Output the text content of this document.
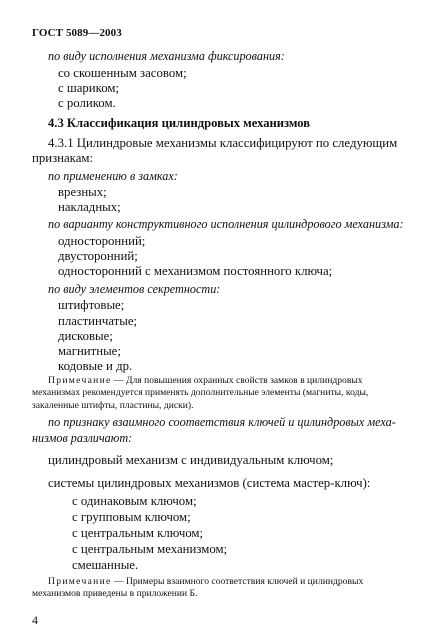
ГОСТ 5089—2003
по виду исполнения механизма фиксирования:
со скошенным засовом;
с шариком;
с роликом.
4.3 Классификация цилиндровых механизмов
4.3.1 Цилиндровые механизмы классифицируют по следующим
признакам:
по применению в замках:
врезных;
накладных;
по варианту конструктивного исполнения цилиндрового механизма:
односторонний;
двусторонний;
односторонний с механизмом постоянного ключа;
по виду элементов секретности:
штифтовые;
пластинчатые;
дисковые;
магнитные;
кодовые и др.
Примечание — Для повышения охранных свойств замков в цилиндровых механизмах рекомендуется применять дополнительные элементы (магниты, коды, закаленные штифты, пластины, диски).
по признаку взаимного соответствия ключей и цилиндровых меха-
низмов различают:
цилиндровый механизм с индивидуальным ключом;
системы цилиндровых механизмов (система мастер-ключ):
с одинаковым ключом;
с групповым ключом;
с центральным ключом;
с центральным механизмом;
смешанные.
Примечание — Примеры взаимного соответствия ключей и цилиндровых механизмов приведены в приложении Б.
4
